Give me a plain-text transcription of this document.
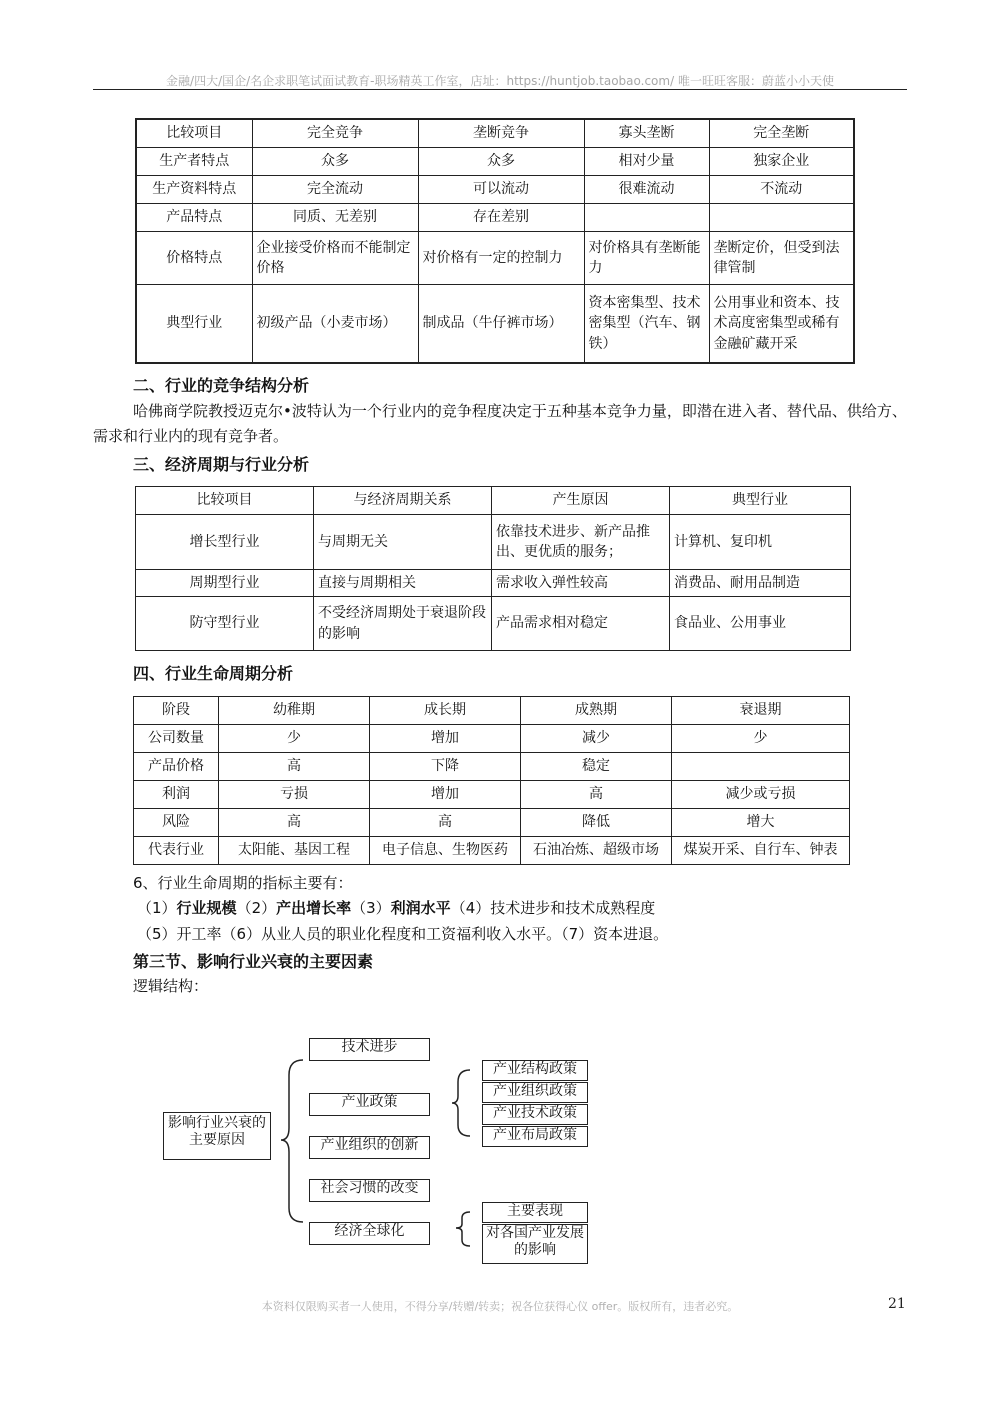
金融/四大/国企/名企求职笔试面试教育-职场精英工作室，店址：https://huntjob.taobao.com/ 唯一旺旺客服：蔚蓝小小天使
比较项目	完全竞争	垄断竞争	寡头垄断	完全垄断
生产者特点	众多	众多	相对少量	独家企业
生产资料特点	完全流动	可以流动	很难流动	不流动
产品特点	同质、无差别	存在差别		
价格特点	企业接受价格而不能制定价格	对价格有一定的控制力	对价格具有垄断能力	垄断定价，但受到法律管制
典型行业	初级产品（小麦市场）	制成品（牛仔裤市场）	资本密集型、技术密集型（汽车、钢铁）	公用事业和资本、技术高度密集型或稀有金融矿藏开采
二、行业的竞争结构分析
哈佛商学院教授迈克尔•波特认为一个行业内的竞争程度决定于五种基本竞争力量，即潜在进入者、替代品、供给方、需求和行业内的现有竞争者。
三、经济周期与行业分析
比较项目	与经济周期关系	产生原因	典型行业
增长型行业	与周期无关	依靠技术进步、新产品推出、更优质的服务；	计算机、复印机
周期型行业	直接与周期相关	需求收入弹性较高	消费品、耐用品制造
防守型行业	不受经济周期处于衰退阶段的影响	产品需求相对稳定	食品业、公用事业
四、行业生命周期分析
阶段	幼稚期	成长期	成熟期	衰退期
公司数量	少	增加	减少	少
产品价格	高	下降	稳定	
利润	亏损	增加	高	减少或亏损
风险	高	高	降低	增大
代表行业	太阳能、基因工程	电子信息、生物医药	石油冶炼、超级市场	煤炭开采、自行车、钟表
6、行业生命周期的指标主要有：
（1）行业规模（2）产出增长率（3）利润水平（4）技术进步和技术成熟程度
（5）开工率（6）从业人员的职业化程度和工资福利收入水平。（7）资本进退。
第三节、影响行业兴衰的主要因素
逻辑结构：
影响行业兴衰的主要原因
技术进步
产业政策
产业组织的创新
社会习惯的改变
经济全球化
产业结构政策
产业组织政策
产业技术政策
产业布局政策
主要表现
对各国产业发展的影响
本资料仅限购买者一人使用，不得分享/转赠/转卖；祝各位获得心仪 offer。版权所有，违者必究。	21
